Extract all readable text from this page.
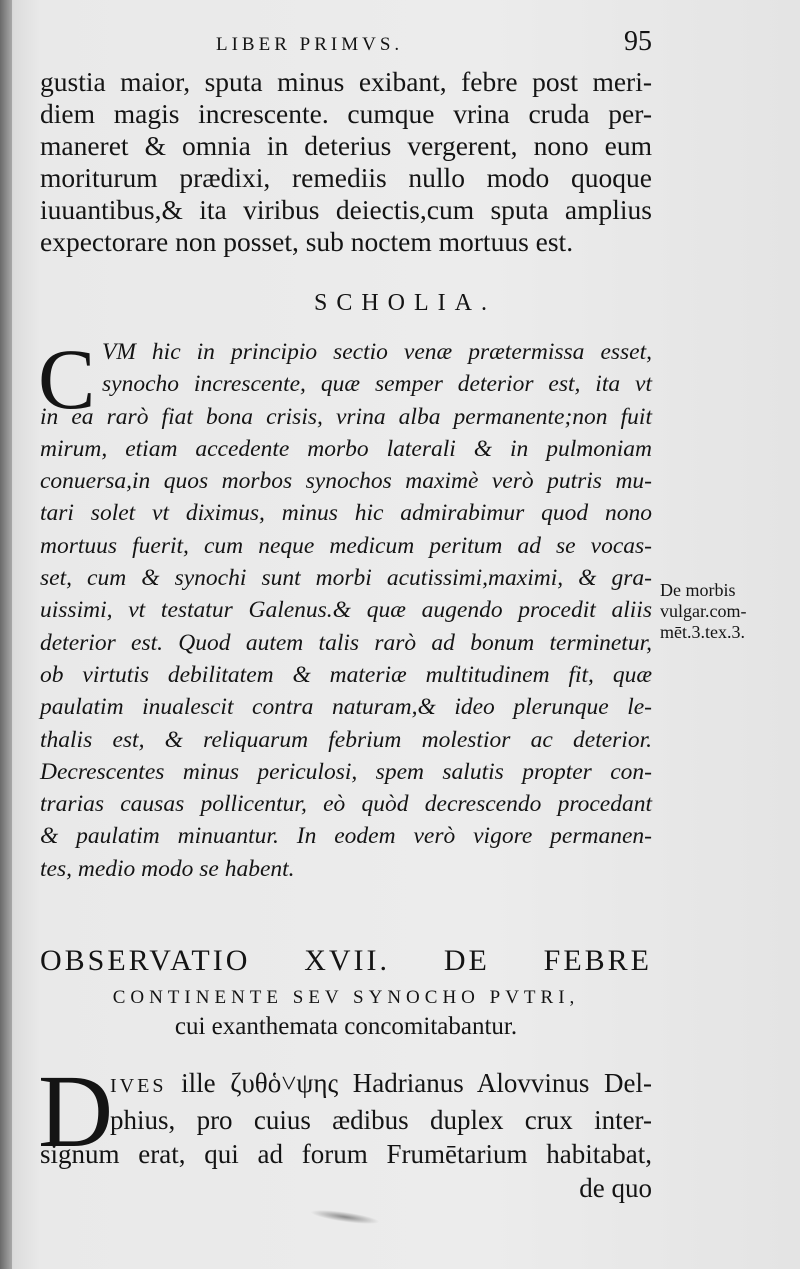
LIBER PRIMVS.	95
gustia maior, sputa minus exibant, febre post meri-
diem magis increscente. cumque vrina cruda per-
maneret & omnia in deterius vergerent, nono eum
moriturum prædixi, remediis nullo modo quoque
iuuantibus,& ita viribus deiectis,cum sputa amplius
expectorare non posset, sub noctem mortuus est.
SCHOLIA.
C VM hic in principio sectio venæ prætermissa esset,
synocho increscente, quæ semper deterior est, ita vt
in ea rarò fiat bona crisis, vrina alba permanente;non fuit
mirum, etiam accedente morbo laterali & in pulmoniam
conuersa,in quos morbos synochos maximè verò putris mu-
tari solet vt diximus, minus hic admirabimur quod nono
mortuus fuerit, cum neque medicum peritum ad se vocas-
set, cum & synochi sunt morbi acutissimi,maximi, & gra-
uissimi, vt testatur Galenus.& quæ augendo procedit aliis
deterior est. Quod autem talis rarò ad bonum terminetur,
ob virtutis debilitatem & materiæ multitudinem fit, quæ
paulatim inualescit contra naturam,& ideo plerunque le-
thalis est, & reliquarum febrium molestior ac deterior.
Decrescentes minus periculosi, spem salutis propter con-
trarias causas pollicentur, eò quòd decrescendo procedant
& paulatim minuantur. In eodem verò vigore permanen-
tes, medio modo se habent.
De morbis
vulgar.com-
mēt.3.tex.3.
OBSERVATIO XVII. DE FEBRE
CONTINENTE SEV SYNOCHO PVTRI,
cui exanthemata concomitabantur.
D
IVES ille ζυθὁ˅ψης Hadrianus Alovvinus Del-
phius, pro cuius ædibus duplex crux inter-
signum erat, qui ad forum Frumētarium habitabat,
de quo
